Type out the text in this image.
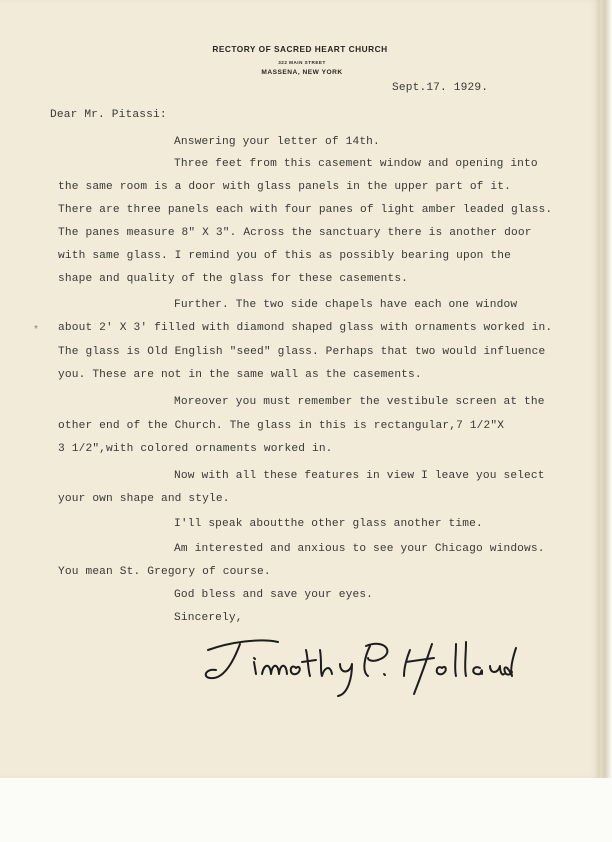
RECTORY OF SACRED HEART CHURCH
322 MAIN STREET
MASSENA, NEW YORK
Sept.17. 1929.
Dear Mr. Pitassi:
Answering your letter of 14th.
Three feet from this casement window and opening into
the same room is a door with glass panels in the upper part of it.
There are three panels each with four panes of light amber leaded glass.
The panes measure 8" X 3". Across the sanctuary there is another door
with same glass. I remind you of this as possibly bearing upon the
shape and quality of the glass for these casements.
Further. The two side chapels have each one window
about 2' X 3' filled with diamond shaped glass with ornaments worked in.
The glass is Old English "seed" glass. Perhaps that two would influence
you. These are not in the same wall as the casements.
Moreover you must remember the vestibule screen at the
other end of the Church. The glass in this is rectangular,7 1/2"X
3 1/2",with colored ornaments worked in.
Now with all these features in view I leave you select
your own shape and style.
I'll speak aboutthe other glass another time.
Am interested and anxious to see your Chicago windows.
You mean St. Gregory of course.
God bless and save your eyes.
Sincerely,
*
